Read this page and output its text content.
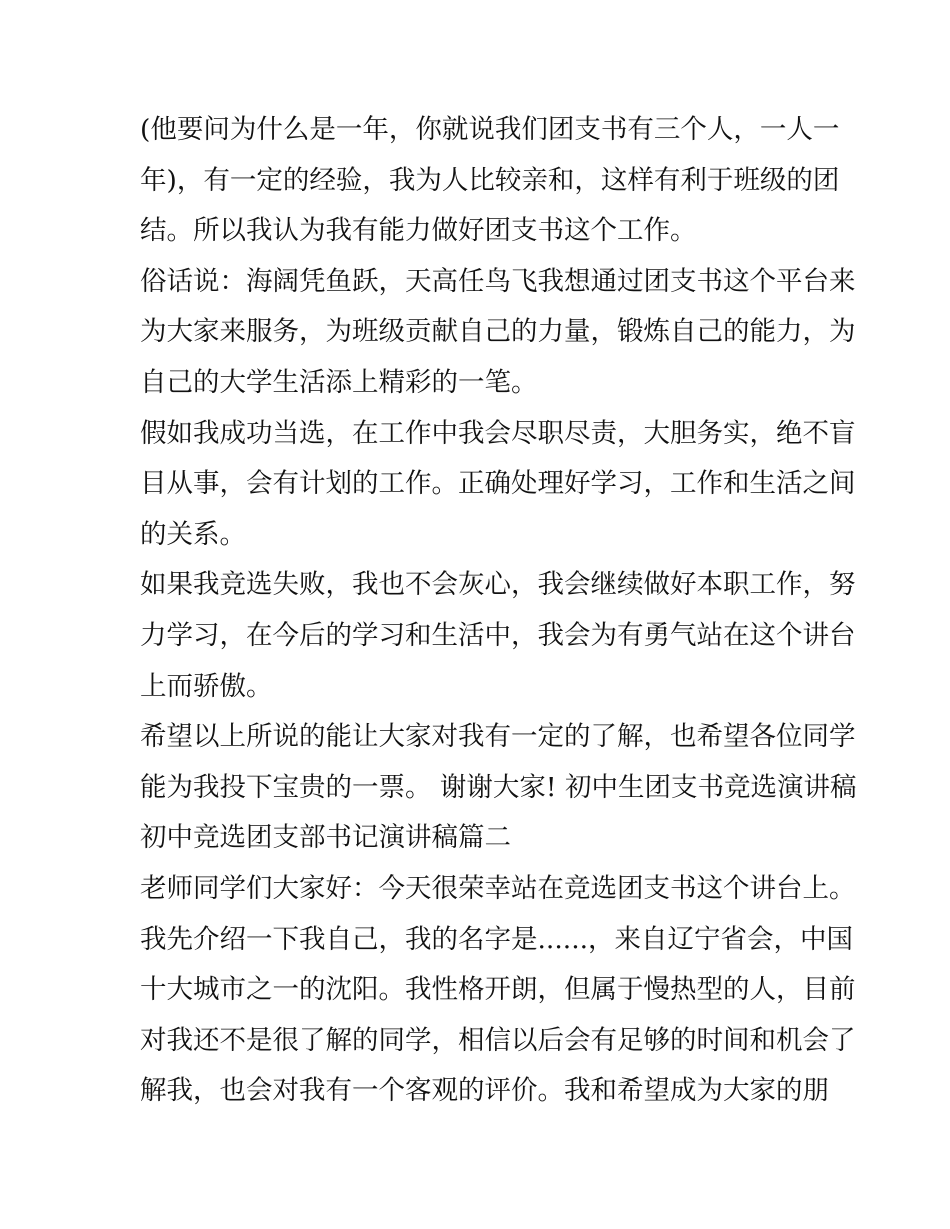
(他要问为什么是一年，你就说我们团支书有三个人，一人一
年)，有一定的经验，我为人比较亲和，这样有利于班级的团
结。所以我认为我有能力做好团支书这个工作。
俗话说：海阔凭鱼跃，天高任鸟飞我想通过团支书这个平台来
为大家来服务，为班级贡献自己的力量，锻炼自己的能力，为
自己的大学生活添上精彩的一笔。
假如我成功当选，在工作中我会尽职尽责，大胆务实，绝不盲
目从事，会有计划的工作。正确处理好学习，工作和生活之间
的关系。
如果我竞选失败，我也不会灰心，我会继续做好本职工作，努
力学习，在今后的学习和生活中，我会为有勇气站在这个讲台
上而骄傲。
希望以上所说的能让大家对我有一定的了解，也希望各位同学
能为我投下宝贵的一票。 谢谢大家! 初中生团支书竞选演讲稿
初中竞选团支部书记演讲稿篇二
老师同学们大家好：今天很荣幸站在竞选团支书这个讲台上。
我先介绍一下我自己，我的名字是......，来自辽宁省会，中国
十大城市之一的沈阳。我性格开朗，但属于慢热型的人，目前
对我还不是很了解的同学，相信以后会有足够的时间和机会了
解我，也会对我有一个客观的评价。我和希望成为大家的朋
